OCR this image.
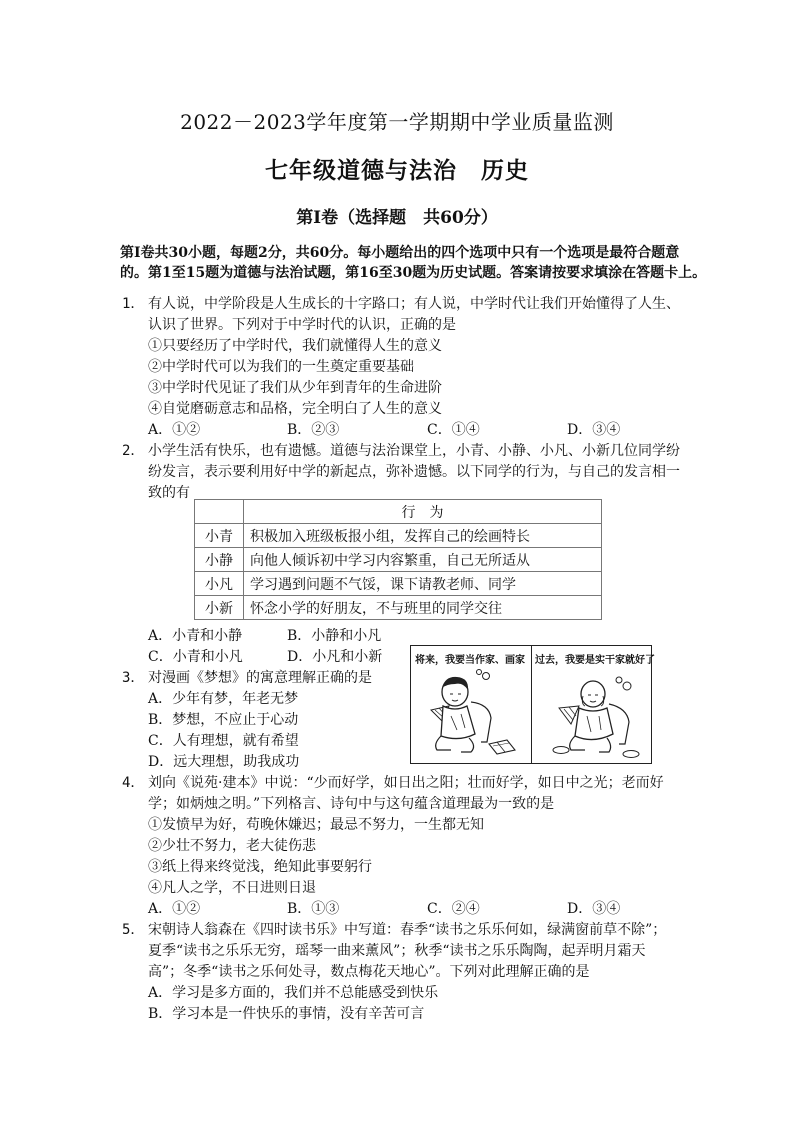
2022－2023学年度第一学期期中学业质量监测
七年级道德与法治　历史
第Ⅰ卷（选择题　共60分）
第Ⅰ卷共30小题，每题2分，共60分。每小题给出的四个选项中只有一个选项是最符合题意
的。第1至15题为道德与法治试题，第16至30题为历史试题。答案请按要求填涂在答题卡上。
1． 有人说，中学阶段是人生成长的十字路口；有人说，中学时代让我们开始懂得了人生、
认识了世界。下列对于中学时代的认识，正确的是
①只要经历了中学时代，我们就懂得人生的意义
②中学时代可以为我们的一生奠定重要基础
③中学时代见证了我们从少年到青年的生命进阶
④自觉磨砺意志和品格，完全明白了人生的意义
A．①②	B．②③	C．①④	D．③④
2． 小学生活有快乐，也有遗憾。道德与法治课堂上，小青、小静、小凡、小新几位同学纷
纷发言，表示要利用好中学的新起点，弥补遗憾。以下同学的行为，与自己的发言相一
致的有
	行　为
小青	积极加入班级板报小组，发挥自己的绘画特长
小静	向他人倾诉初中学习内容繁重，自己无所适从
小凡	学习遇到问题不气馁，课下请教老师、同学
小新	怀念小学的好朋友，不与班里的同学交往
A．小青和小静	B．小静和小凡
C．小青和小凡	D．小凡和小新
3． 对漫画《梦想》的寓意理解正确的是
A．少年有梦，年老无梦
B．梦想，不应止于心动
C．人有理想，就有希望
D．远大理想，助我成功
将来，我要当作家、画家 过去，我要是实干家就好了
4． 刘向《说苑·建本》中说：“少而好学，如日出之阳；壮而好学，如日中之光；老而好
学；如炳烛之明。”下列格言、诗句中与这句蕴含道理最为一致的是
①发愤早为好，苟晚休嫌迟；最忌不努力，一生都无知
②少壮不努力，老大徒伤悲
③纸上得来终觉浅，绝知此事要躬行
④凡人之学，不日进则日退
A．①②	B．①③	C．②④	D．③④
5． 宋朝诗人翁森在《四时读书乐》中写道：春季“读书之乐乐何如，绿满窗前草不除”；
夏季“读书之乐乐无穷，瑶琴一曲来薰风”；秋季“读书之乐乐陶陶，起弄明月霜天
高”；冬季“读书之乐何处寻，数点梅花天地心”。下列对此理解正确的是
A．学习是多方面的，我们并不总能感受到快乐
B．学习本是一件快乐的事情，没有辛苦可言
